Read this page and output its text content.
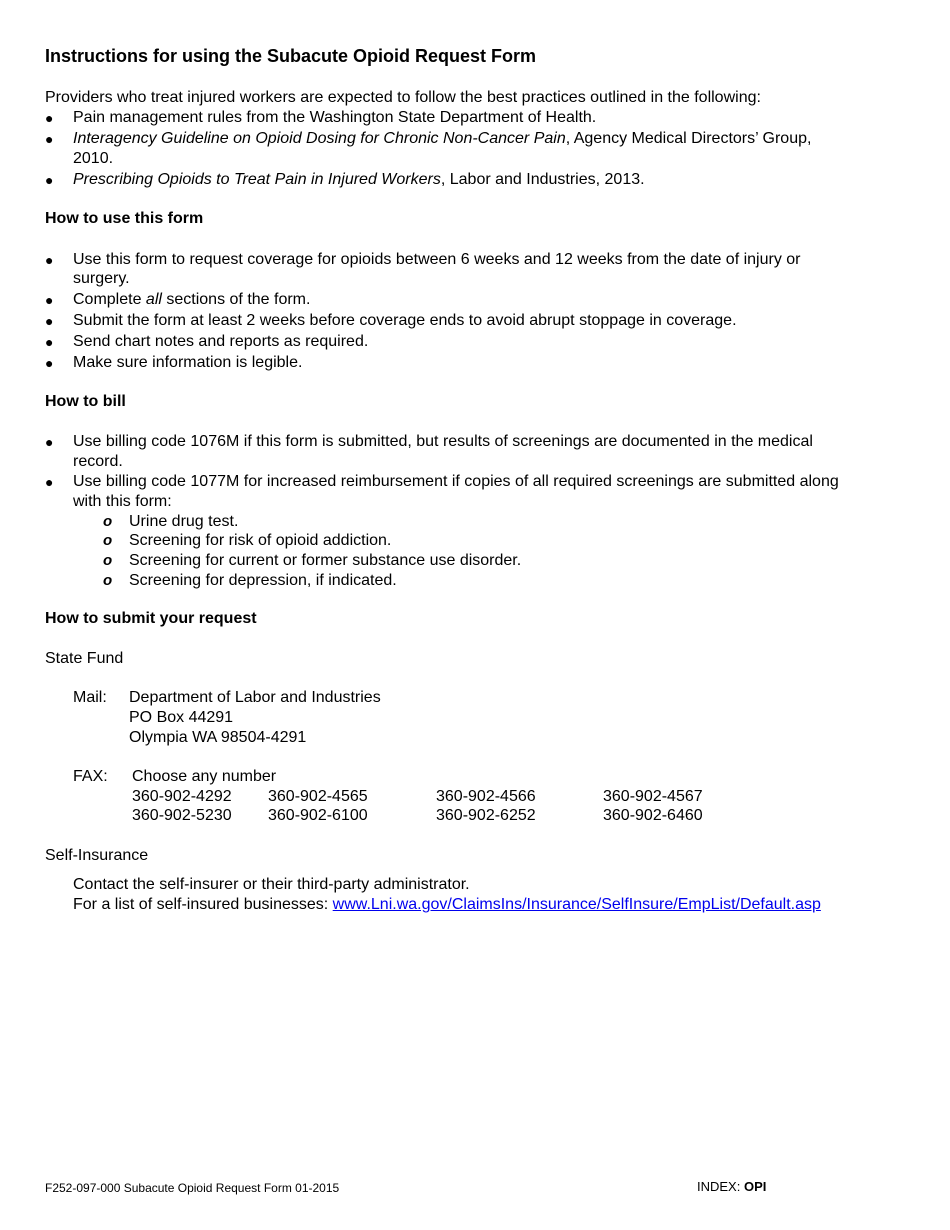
Instructions for using the Subacute Opioid Request Form
Providers who treat injured workers are expected to follow the best practices outlined in the following:
● Pain management rules from the Washington State Department of Health.
● Interagency Guideline on Opioid Dosing for Chronic Non-Cancer Pain, Agency Medical Directors’ Group,
2010.
● Prescribing Opioids to Treat Pain in Injured Workers, Labor and Industries, 2013.
How to use this form
● Use this form to request coverage for opioids between 6 weeks and 12 weeks from the date of injury or
surgery.
● Complete all sections of the form.
● Submit the form at least 2 weeks before coverage ends to avoid abrupt stoppage in coverage.
● Send chart notes and reports as required.
● Make sure information is legible.
How to bill
● Use billing code 1076M if this form is submitted, but results of screenings are documented in the medical
record.
● Use billing code 1077M for increased reimbursement if copies of all required screenings are submitted along
with this form:
o Urine drug test.
o Screening for risk of opioid addiction.
o Screening for current or former substance use disorder.
o Screening for depression, if indicated.
How to submit your request
State Fund
Mail: Department of Labor and Industries
PO Box 44291
Olympia WA 98504-4291
FAX: Choose any number
360-902-4292 360-902-4565	360-902-4566	360-902-4567
360-902-5230 360-902-6100	360-902-6252	360-902-6460
Self-Insurance
Contact the self-insurer or their third-party administrator.
For a list of self-insured businesses: www.Lni.wa.gov/ClaimsIns/Insurance/SelfInsure/EmpList/Default.asp
F252-097-000 Subacute Opioid Request Form 01-2015	INDEX: OPI
